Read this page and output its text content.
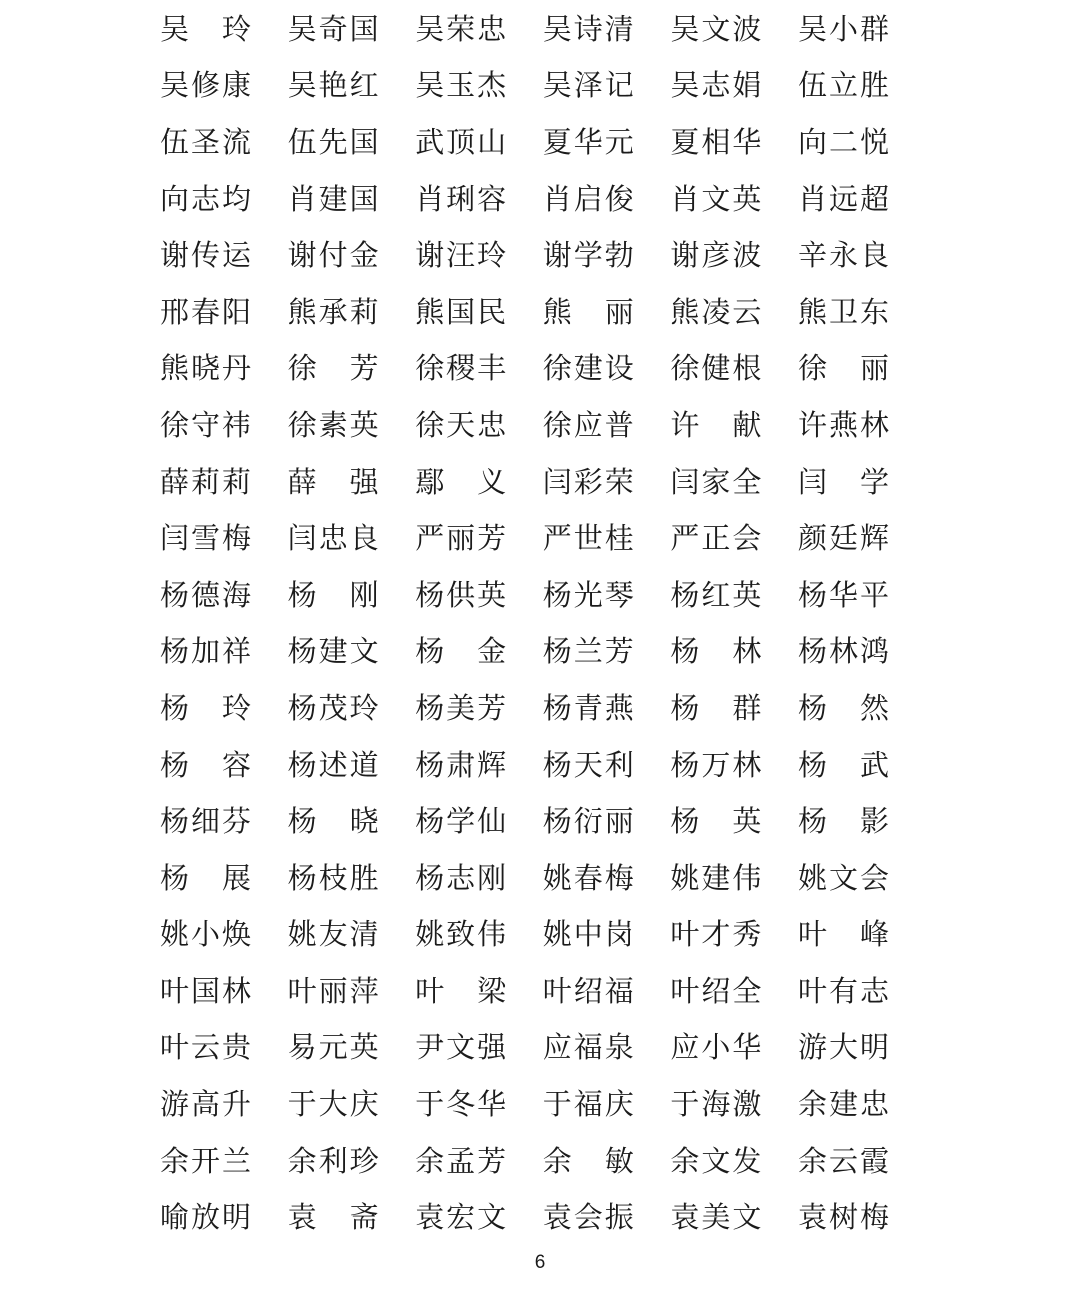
吴 玲 吴 奇 国 吴 荣 忠 吴 诗 清 吴 文 波 吴 小 群
吴 修 康 吴 艳 红 吴 玉 杰 吴 泽 记 吴 志 娟 伍 立 胜
伍 圣 流 伍 先 国 武 顶 山 夏 华 元 夏 相 华 向 二 悦
向 志 均 肖 建 国 肖 琍 容 肖 启 俊 肖 文 英 肖 远 超
谢 传 运 谢 付 金 谢 汪 玲 谢 学 勃 谢 彦 波 辛 永 良
邢 春 阳 熊 承 莉 熊 国 民 熊 丽 熊 凌 云 熊 卫 东
熊 晓 丹 徐 芳 徐 稷 丰 徐 建 设 徐 健 根 徐 丽
徐 守 祎 徐 素 英 徐 天 忠 徐 应 普 许 献 许 燕 林
薛 莉 莉 薛 强 鄢 义 闫 彩 荣 闫 家 全 闫 学
闫 雪 梅 闫 忠 良 严 丽 芳 严 世 桂 严 正 会 颜 廷 辉
杨 德 海 杨 刚 杨 供 英 杨 光 琴 杨 红 英 杨 华 平
杨 加 祥 杨 建 文 杨 金 杨 兰 芳 杨 林 杨 林 鸿
杨 玲 杨 茂 玲 杨 美 芳 杨 青 燕 杨 群 杨 然
杨 容 杨 述 道 杨 肃 辉 杨 天 利 杨 万 林 杨 武
杨 细 芬 杨 晓 杨 学 仙 杨 衍 丽 杨 英 杨 影
杨 展 杨 枝 胜 杨 志 刚 姚 春 梅 姚 建 伟 姚 文 会
姚 小 焕 姚 友 清 姚 致 伟 姚 中 岗 叶 才 秀 叶 峰
叶 国 林 叶 丽 萍 叶 梁 叶 绍 福 叶 绍 全 叶 有 志
叶 云 贵 易 元 英 尹 文 强 应 福 泉 应 小 华 游 大 明
游 高 升 于 大 庆 于 冬 华 于 福 庆 于 海 激 余 建 忠
余 开 兰 余 利 珍 余 孟 芳 余 敏 余 文 发 余 云 霞
喻 放 明 袁 斋 袁 宏 文 袁 会 振 袁 美 文 袁 树 梅
6
